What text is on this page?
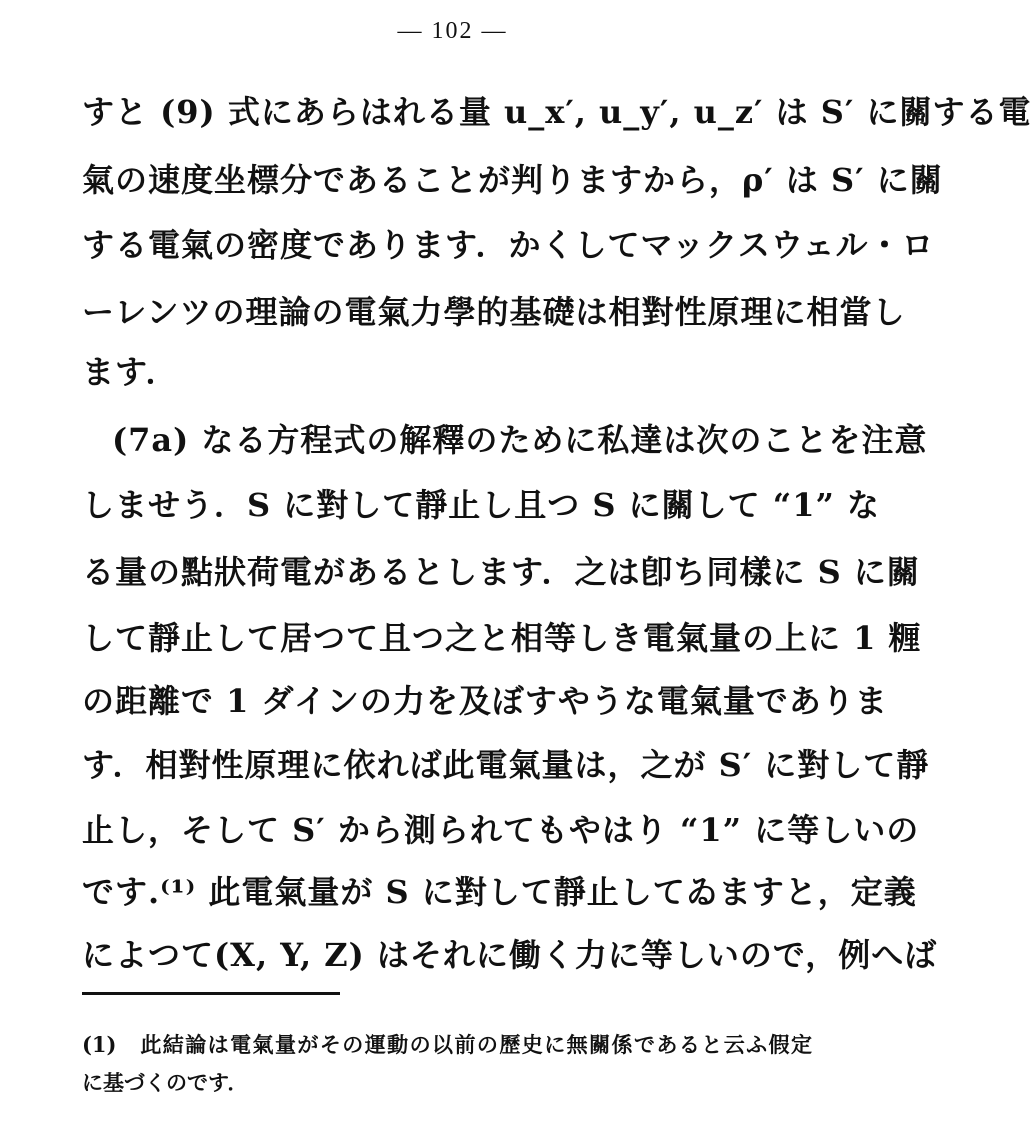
— 102 —
すと (9) 式にあらはれる量 u_x′, u_y′, u_z′ は S′ に關する電
氣の速度坐標分であることが判りますから，ρ′ は S′ に關
する電氣の密度であります．かくしてマックスウェル・ロ
ーレンツの理論の電氣力學的基礎は相對性原理に相當し
ます．
(7a) なる方程式の解釋のために私達は次のことを注意
しませう．S に對して靜止し且つ S に關して “1” な
る量の點狀荷電があるとします．之は卽ち同樣に S に關
して靜止して居つて且つ之と相等しき電氣量の上に 1 糎
の距離で 1 ダインの力を及ぼすやうな電氣量でありま
す．相對性原理に依れば此電氣量は，之が S′ に對して靜
止し，そして S′ から測られてもやはり “1” に等しいの
です.⁽¹⁾ 此電氣量が S に對して靜止してゐますと，定義
によつて(X, Y, Z) はそれに働く力に等しいので，例へば
(1)　此結論は電氣量がその運動の以前の歷史に無關係であると云ふ假定
に基づくのです．
